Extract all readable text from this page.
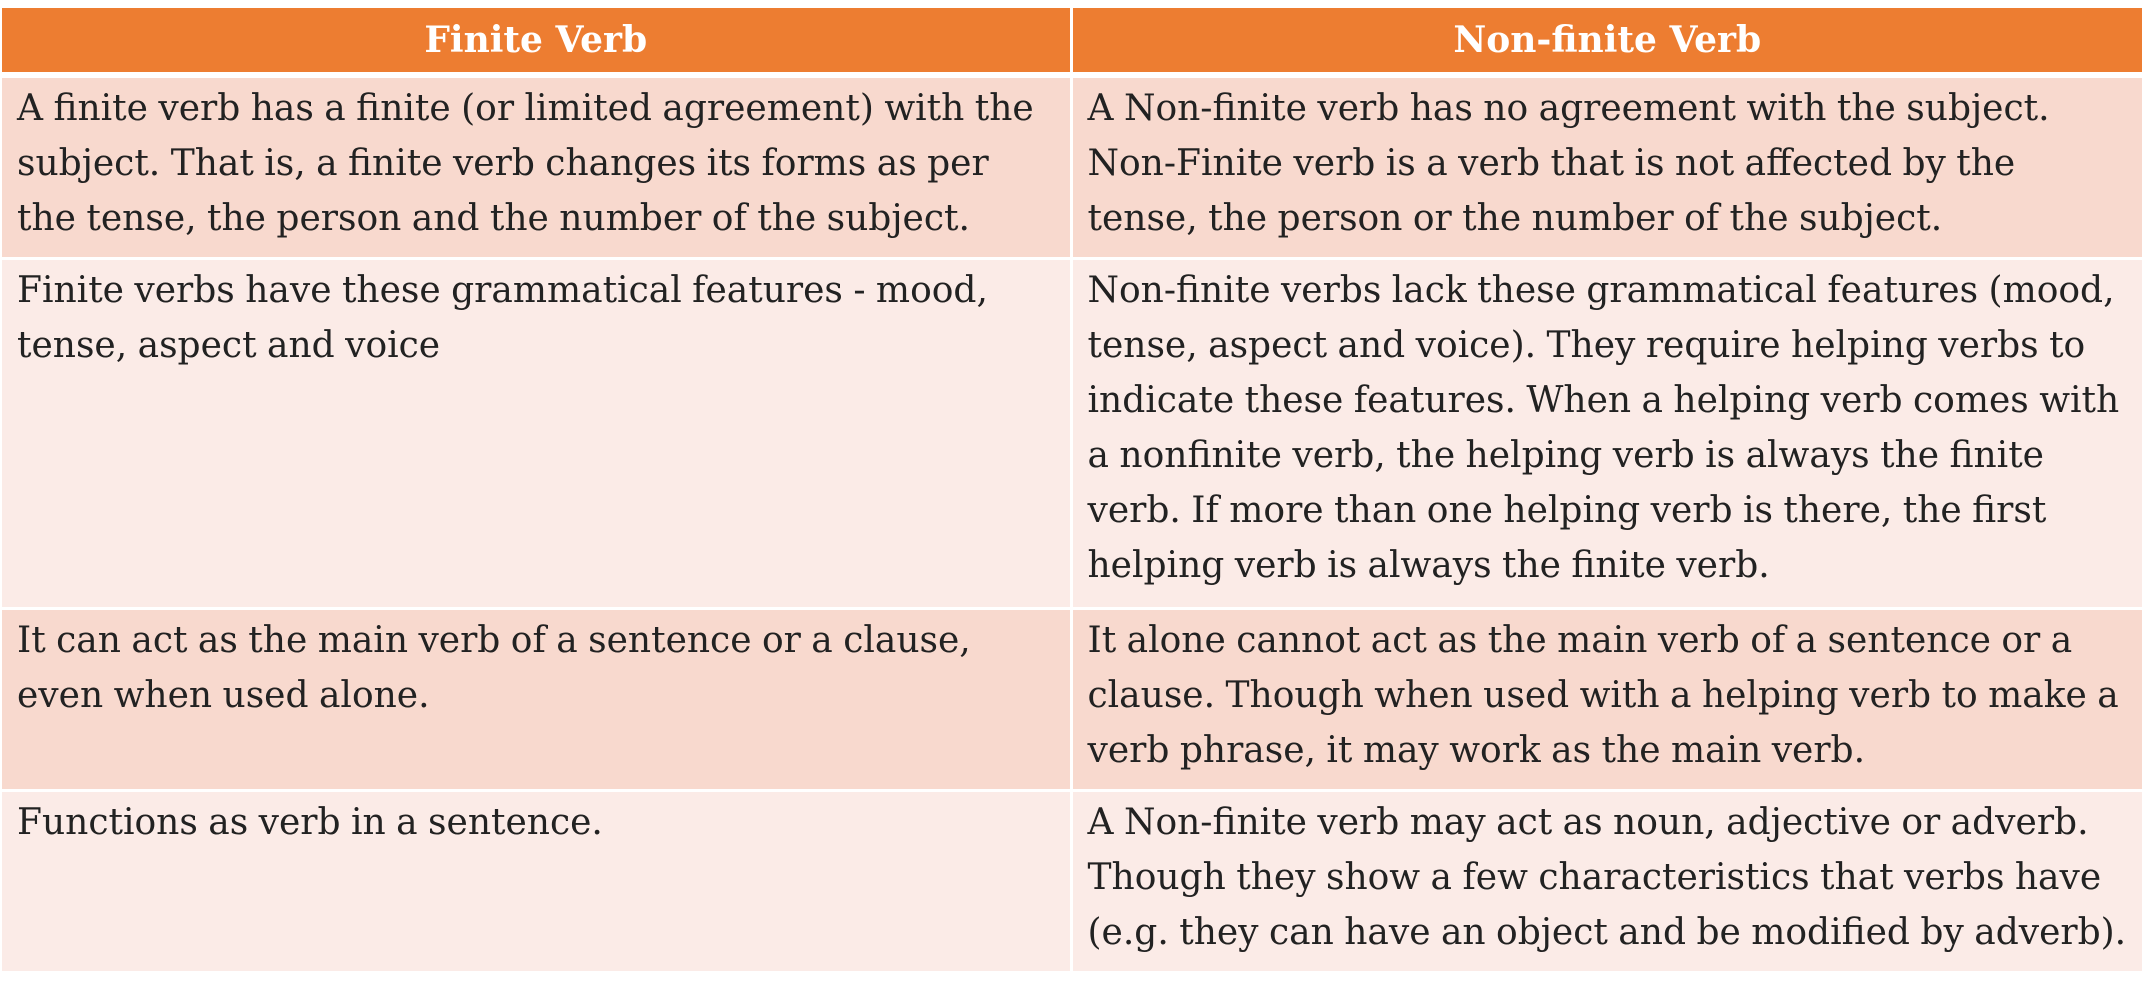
Finite Verb	Non-finite Verb
A finite verb has a finite (or limited agreement) with the subject. That is, a finite verb changes its forms as per the tense, the person and the number of the subject.	A Non-finite verb has no agreement with the subject. Non-Finite verb is a verb that is not affected by the tense, the person or the number of the subject.
Finite verbs have these grammatical features - mood, tense, aspect and voice	Non-finite verbs lack these grammatical features (mood, tense, aspect and voice). They require helping verbs to indicate these features. When a helping verb comes with a nonfinite verb, the helping verb is always the finite verb. If more than one helping verb is there, the first helping verb is always the finite verb.
It can act as the main verb of a sentence or a clause, even when used alone.	It alone cannot act as the main verb of a sentence or a clause. Though when used with a helping verb to make a verb phrase, it may work as the main verb.
Functions as verb in a sentence.	A Non-finite verb may act as noun, adjective or adverb. Though they show a few characteristics that verbs have (e.g. they can have an object and be modified by adverb).
